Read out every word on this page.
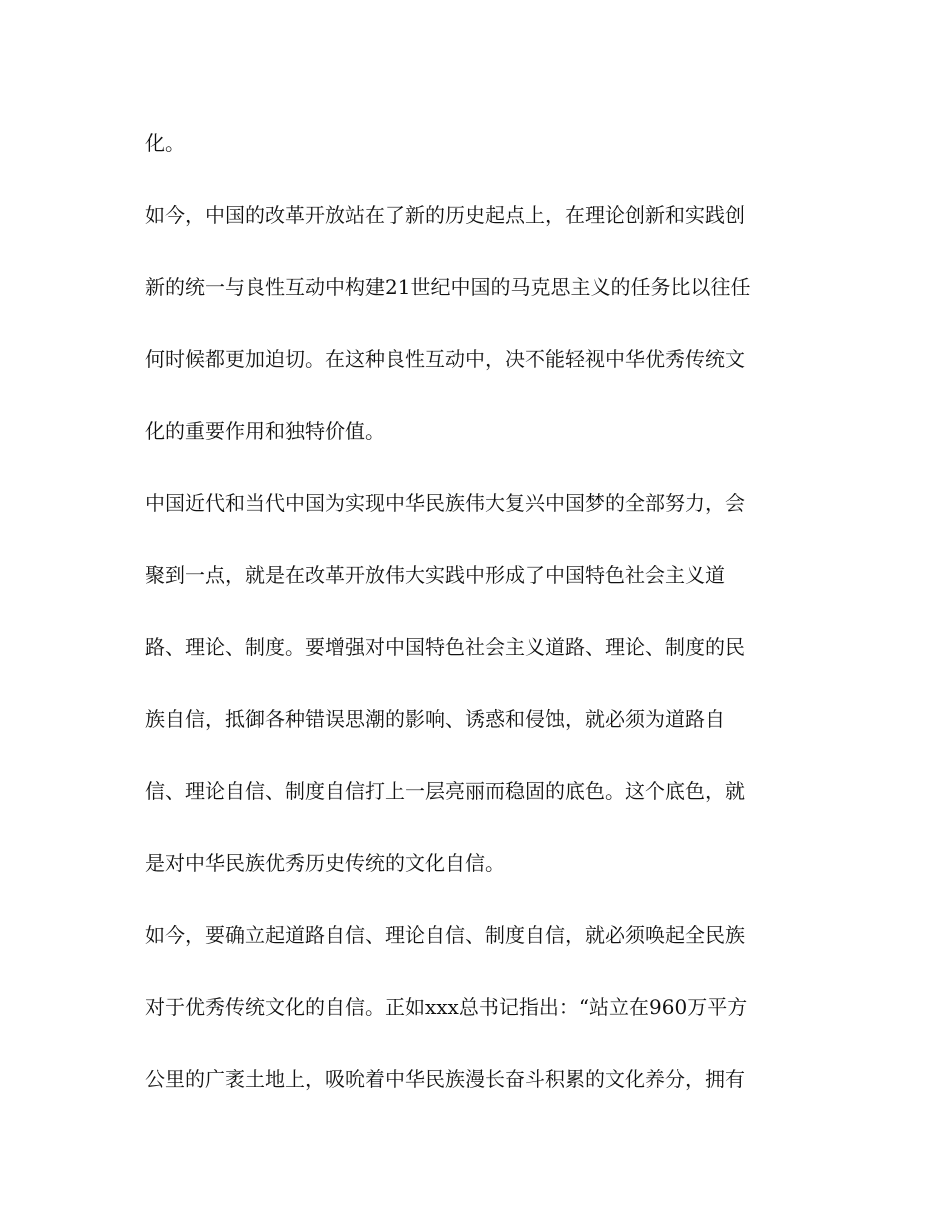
化。
如今，中国的改革开放站在了新的历史起点上，在理论创新和实践创
新的统一与良性互动中构建21世纪中国的马克思主义的任务比以往任
何时候都更加迫切。在这种良性互动中，决不能轻视中华优秀传统文
化的重要作用和独特价值。
中国近代和当代中国为实现中华民族伟大复兴中国梦的全部努力，会
聚到一点，就是在改革开放伟大实践中形成了中国特色社会主义道
路、理论、制度。要增强对中国特色社会主义道路、理论、制度的民
族自信，抵御各种错误思潮的影响、诱惑和侵蚀，就必须为道路自
信、理论自信、制度自信打上一层亮丽而稳固的底色。这个底色，就
是对中华民族优秀历史传统的文化自信。
如今，要确立起道路自信、理论自信、制度自信，就必须唤起全民族
对于优秀传统文化的自信。正如xxx总书记指出：“站立在960万平方
公里的广袤土地上，吸吮着中华民族漫长奋斗积累的文化养分，拥有
